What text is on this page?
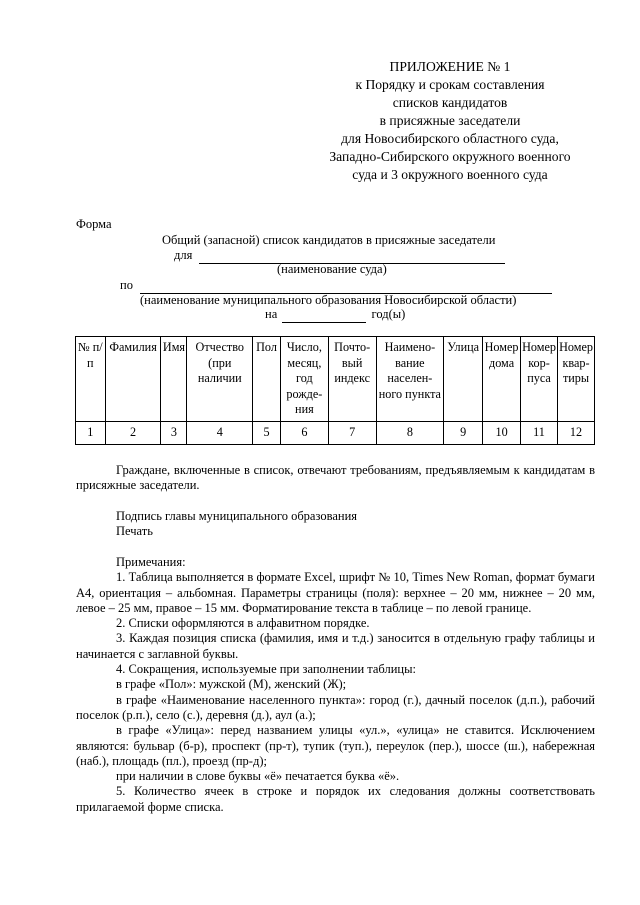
ПРИЛОЖЕНИЕ № 1
к Порядку и срокам составления
списков кандидатов
в присяжные заседатели
для Новосибирского областного суда,
Западно-Сибирского окружного военного
суда и 3 окружного военного суда
Форма
Общий (запасной) список кандидатов в присяжные заседатели
для
(наименование суда)
по
(наименование муниципального образования Новосибирской области)
на	год(ы)
№ п/п	Фамилия	Имя	Отчество (при наличии	Пол	Число, месяц, год рожде-ния	Почто-вый индекс	Наимено-вание населен-ного пункта	Улица	Номер дома	Номер кор-пуса	Номер квар-тиры
1	2	3	4	5	6	7	8	9	10	11	12

Граждане, включенные в список, отвечают требованиям, предъявляемым к кандидатам в присяжные заседатели.

Подпись главы муниципального образования
Печать

Примечания:

1. Таблица выполняется в формате Excel, шрифт № 10, Times New Roman, формат бумаги А4, ориентация – альбомная. Параметры страницы (поля): верхнее – 20 мм, нижнее – 20 мм, левое – 25 мм, правое – 15 мм. Форматирование текста в таблице – по левой границе.

2. Списки оформляются в алфавитном порядке.

3. Каждая позиция списка (фамилия, имя и т.д.) заносится в отдельную графу таблицы и начинается с заглавной буквы.

4. Сокращения, используемые при заполнении таблицы:

в графе «Пол»: мужской (М), женский (Ж);

в графе «Наименование населенного пункта»: город (г.), дачный поселок (д.п.), рабочий поселок (р.п.), село (с.), деревня (д.), аул (а.);

в графе «Улица»: перед названием улицы «ул.», «улица» не ставится. Исключением являются: бульвар (б-р), проспект (пр-т), тупик (туп.), переулок (пер.), шоссе (ш.), набережная (наб.), площадь (пл.), проезд (пр-д);

при наличии в слове буквы «ё» печатается буква «ё».

5. Количество ячеек в строке и порядок их следования должны соответствовать прилагаемой форме списка.
